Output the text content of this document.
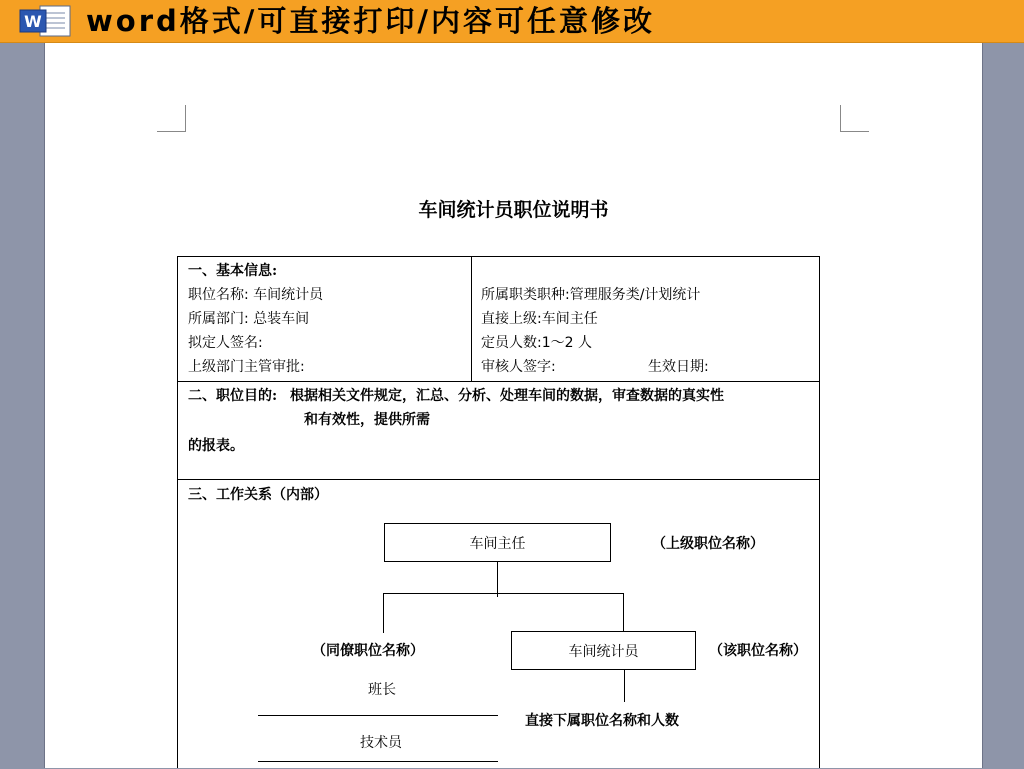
W word格式/可直接打印/内容可任意修改
车间统计员职位说明书
一、基本信息:
职位名称: 车间统计员
所属部门: 总装车间
拟定人签名:
上级部门主管审批:
所属职类职种:管理服务类/计划统计
直接上级:车间主任
定员人数:1～2 人
审核人签字:	生效日期:
二、职位目的: 根据相关文件规定，汇总、分析、处理车间的数据，审查数据的真实性
和有效性，提供所需
的报表。
三、工作关系（内部）
车间主任	（上级职位名称）
（同僚职位名称）	车间统计员	（该职位名称）
班长
技术员
直接下属职位名称和人数
